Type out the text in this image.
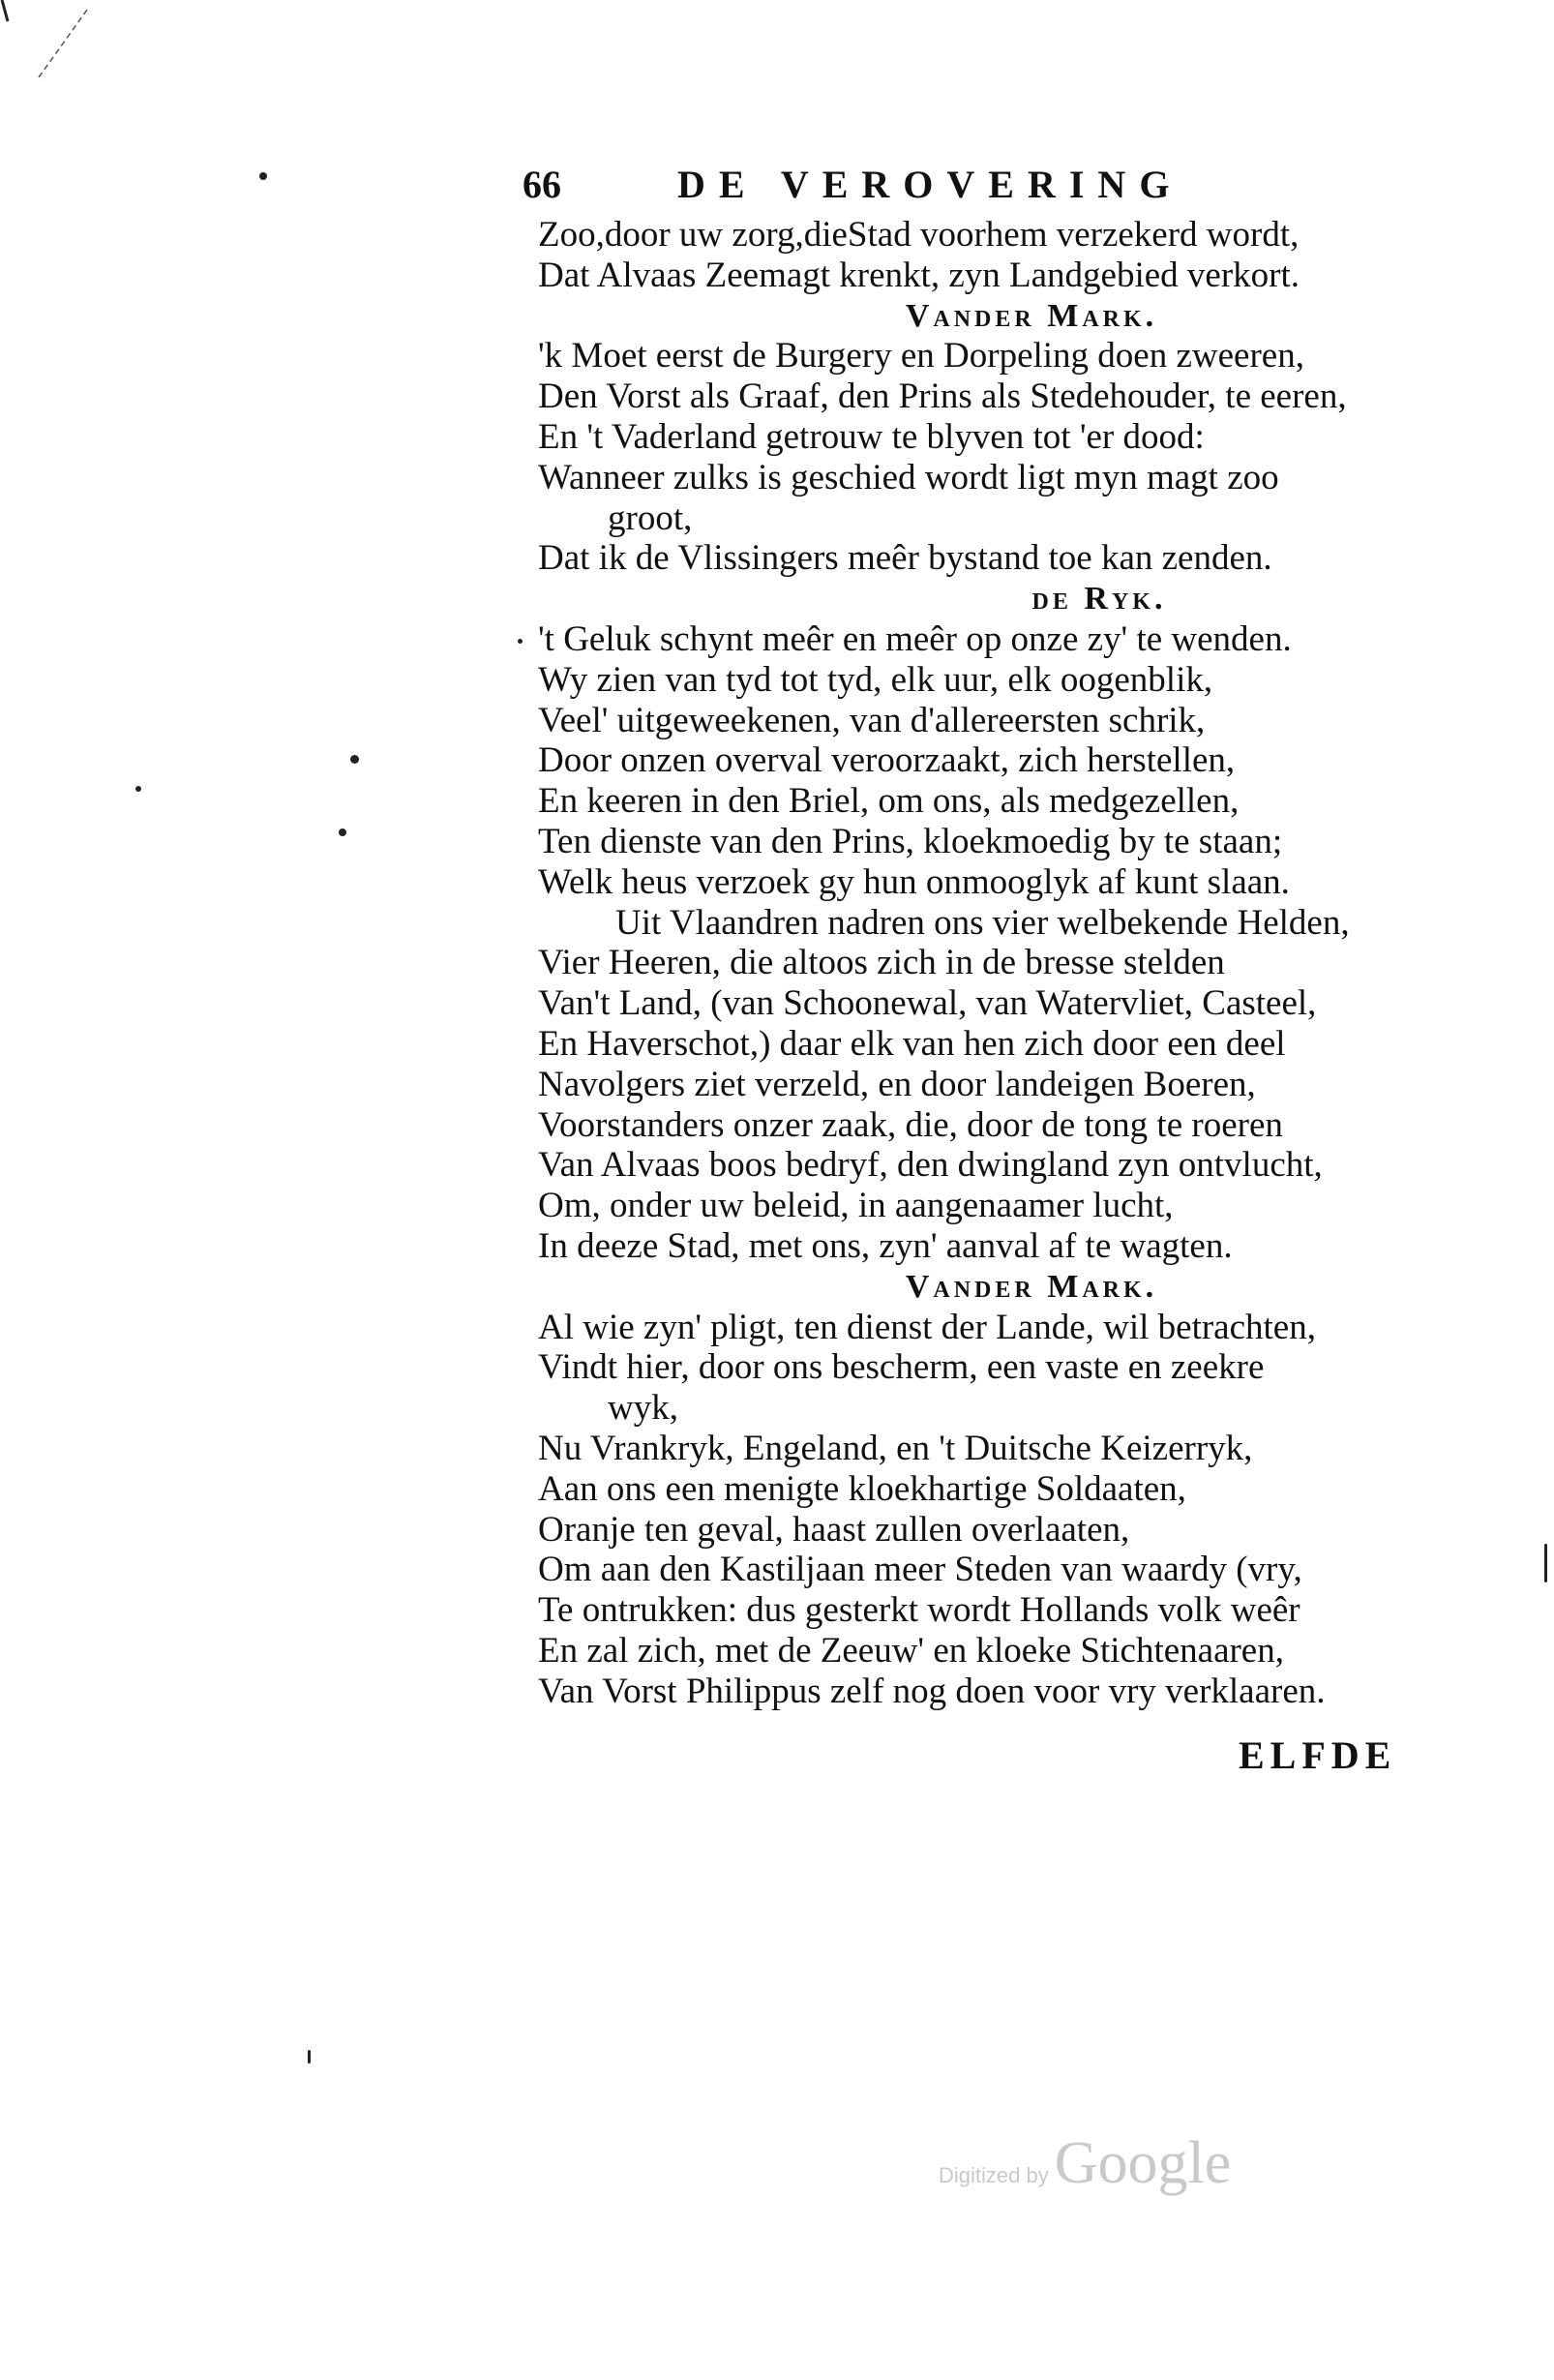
66	DE VEROVERING
Zoo,door uw zorg,dieStad voorhem verzekerd wordt,
Dat Alvaas Zeemagt krenkt, zyn Landgebied verkort.
Vander Mark.
'k Moet eerst de Burgery en Dorpeling doen zweeren,
Den Vorst als Graaf, den Prins als Stedehouder, te eeren,
En 't Vaderland getrouw te blyven tot 'er dood:
Wanneer zulks is geschied wordt ligt myn magt zoo
groot,
Dat ik de Vlissingers meêr bystand toe kan zenden.
de Ryk.
't Geluk schynt meêr en meêr op onze zy' te wenden.
Wy zien van tyd tot tyd, elk uur, elk oogenblik,
Veel' uitgeweekenen, van d'allereersten schrik,
Door onzen overval veroorzaakt, zich herstellen,
En keeren in den Briel, om ons, als medgezellen,
Ten dienste van den Prins, kloekmoedig by te staan;
Welk heus verzoek gy hun onmooglyk af kunt slaan.
Uit Vlaandren nadren ons vier welbekende Helden,
Vier Heeren, die altoos zich in de bresse stelden
Van't Land, (van Schoonewal, van Watervliet, Casteel,
En Haverschot,) daar elk van hen zich door een deel
Navolgers ziet verzeld, en door landeigen Boeren,
Voorstanders onzer zaak, die, door de tong te roeren
Van Alvaas boos bedryf, den dwingland zyn ontvlucht,
Om, onder uw beleid, in aangenaamer lucht,
In deeze Stad, met ons, zyn' aanval af te wagten.
Vander Mark.
Al wie zyn' pligt, ten dienst der Lande, wil betrachten,
Vindt hier, door ons bescherm, een vaste en zeekre
wyk,
Nu Vrankryk, Engeland, en 't Duitsche Keizerryk,
Aan ons een menigte kloekhartige Soldaaten,
Oranje ten geval, haast zullen overlaaten,
Om aan den Kastiljaan meer Steden van waardy (vry,
Te ontrukken: dus gesterkt wordt Hollands volk weêr
En zal zich, met de Zeeuw' en kloeke Stichtenaaren,
Van Vorst Philippus zelf nog doen voor vry verklaaren.
ELFDE
Digitized by Google
